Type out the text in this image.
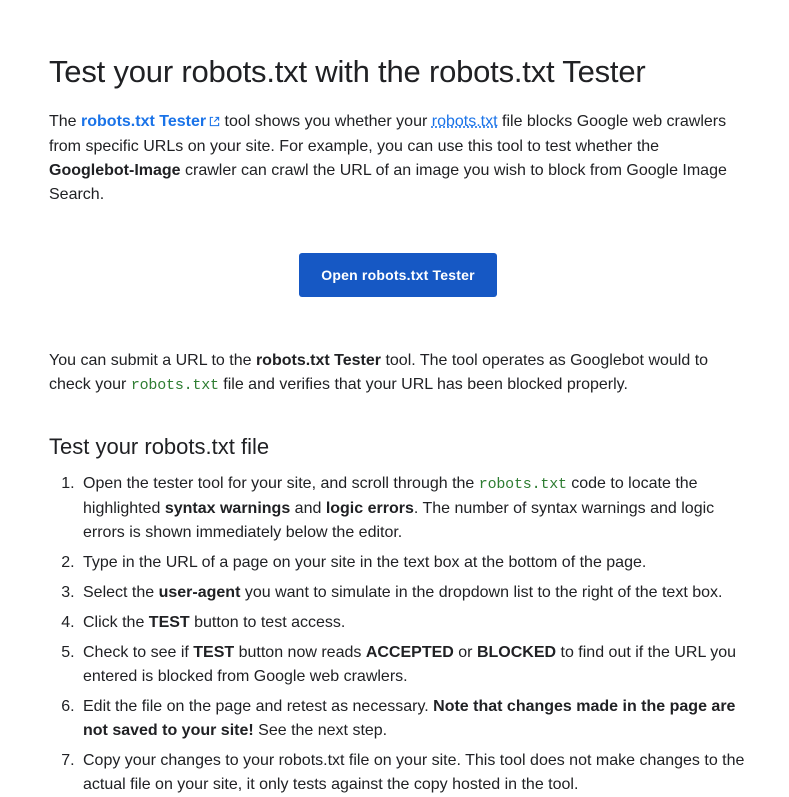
Test your robots.txt with the robots.txt Tester

The robots.txt Tester tool shows you whether your robots.txt file blocks Google web crawlers from specific URLs on your site. For example, you can use this tool to test whether the Googlebot-Image crawler can crawl the URL of an image you wish to block from Google Image Search.

Open robots.txt Tester

You can submit a URL to the robots.txt Tester tool. The tool operates as Googlebot would to check your robots.txt file and verifies that your URL has been blocked properly.

Test your robots.txt file
1. Open the tester tool for your site, and scroll through the robots.txt code to locate the highlighted syntax warnings and logic errors. The number of syntax warnings and logic errors is shown immediately below the editor.
2. Type in the URL of a page on your site in the text box at the bottom of the page.
3. Select the user-agent you want to simulate in the dropdown list to the right of the text box.
4. Click the TEST button to test access.
5. Check to see if TEST button now reads ACCEPTED or BLOCKED to find out if the URL you entered is blocked from Google web crawlers.
6. Edit the file on the page and retest as necessary. Note that changes made in the page are not saved to your site! See the next step.
7. Copy your changes to your robots.txt file on your site. This tool does not make changes to the actual file on your site, it only tests against the copy hosted in the tool.
